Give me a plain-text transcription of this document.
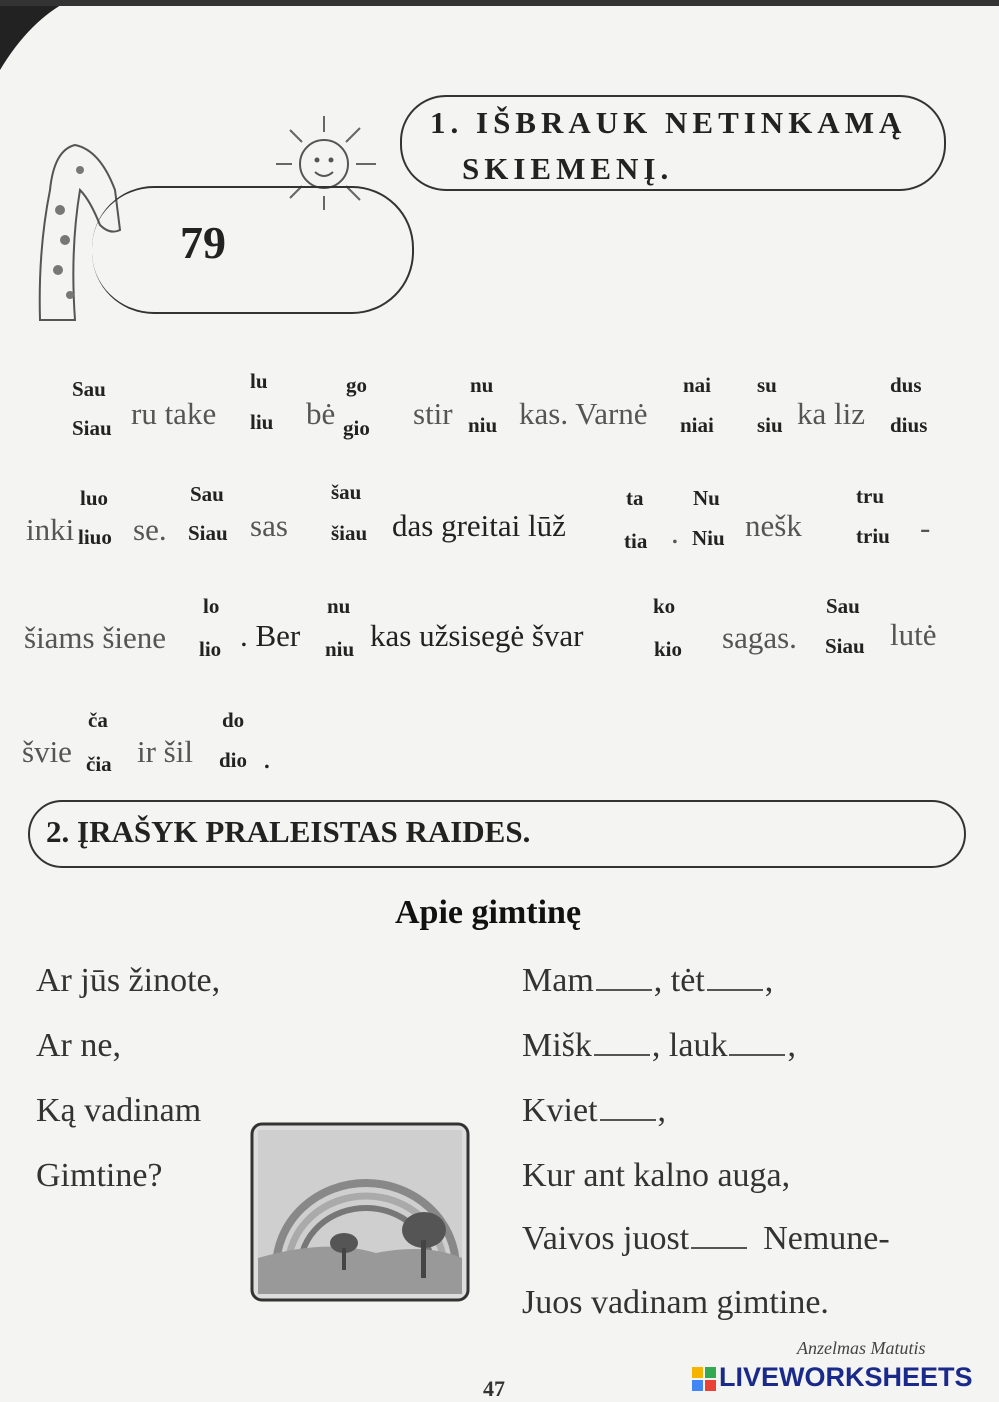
1. IŠBRAUK NETINKAMĄ
SKIEMENĮ.
79
Sau
Siau ru take
lu
liu bė
go
gio stir
nu
niu kas. Varnė
nai
niai
su
siu ka liz
dus
dius
inki
luo
liuo se.
Sau
Siau sas
šau
šiau das greitai lūž
ta
tia .
Nu
Niu nešk
tru
triu -
šiams šiene
lo
lio . Ber
nu
niu kas užsisegė švar
ko
kio sagas.
Sau
Siau lutė
švie
ča
čia ir šil
do
dio .
2. ĮRAŠYK PRALEISTAS RAIDES.
Apie gimtinę
Ar jūs žinote,
Ar ne,
Ką vadinam
Gimtine?
Mam , tėt ,
Mišk , lauk ,
Kviet ,
Kur ant kalno auga,
Vaivos juost Nemune-
Juos vadinam gimtine.
Anzelmas Matutis
47	LIVEWORKSHEETS
